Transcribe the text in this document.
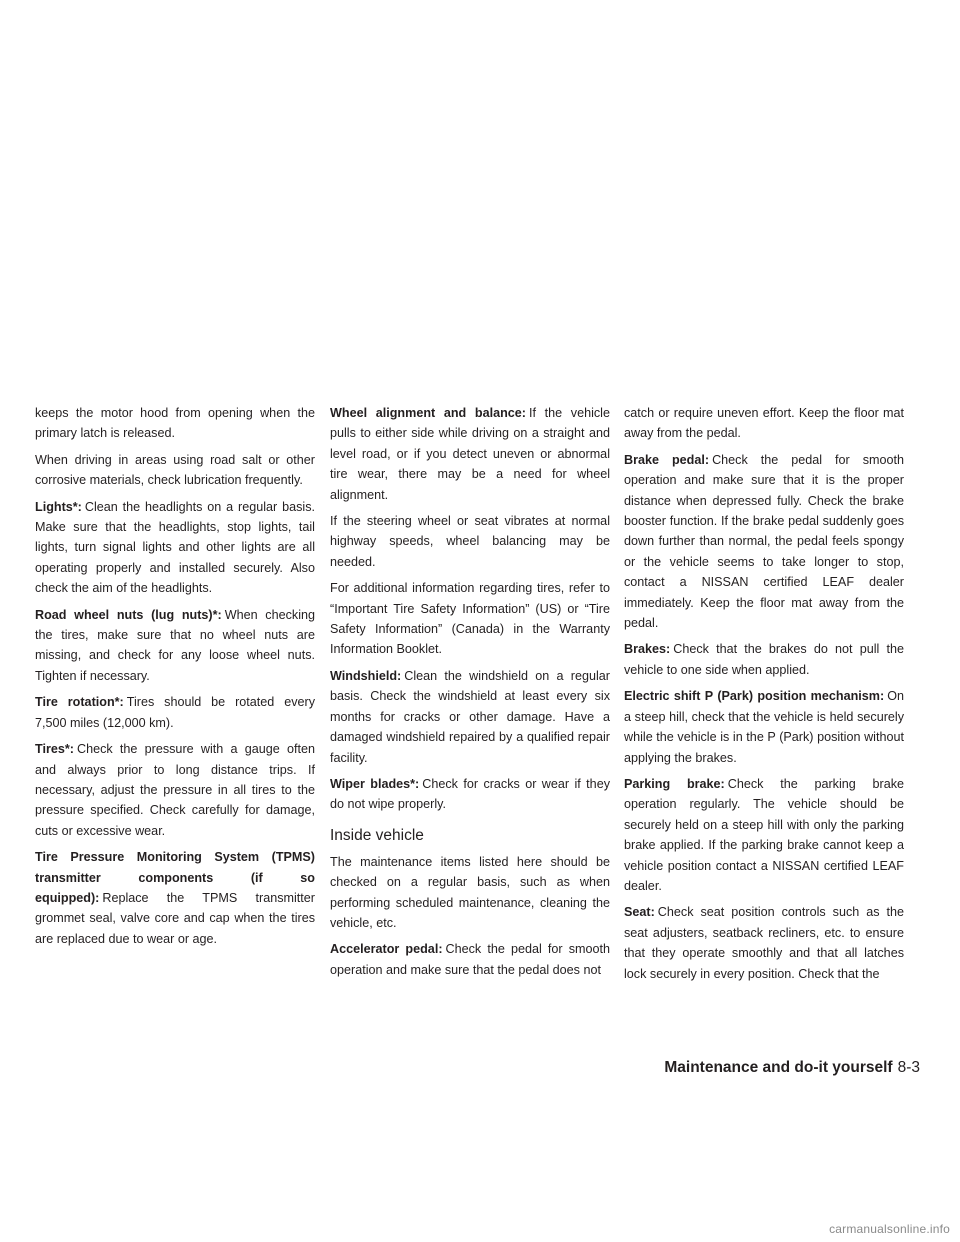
keeps the motor hood from opening when the primary latch is released.

When driving in areas using road salt or other corrosive materials, check lubrication frequently.

Lights*: Clean the headlights on a regular basis. Make sure that the headlights, stop lights, tail lights, turn signal lights and other lights are all operating properly and installed securely. Also check the aim of the headlights.

Road wheel nuts (lug nuts)*: When checking the tires, make sure that no wheel nuts are missing, and check for any loose wheel nuts. Tighten if necessary.

Tire rotation*: Tires should be rotated every 7,500 miles (12,000 km).

Tires*: Check the pressure with a gauge often and always prior to long distance trips. If necessary, adjust the pressure in all tires to the pressure specified. Check carefully for damage, cuts or excessive wear.

Tire Pressure Monitoring System (TPMS) transmitter components (if so equipped): Replace the TPMS transmitter grommet seal, valve core and cap when the tires are replaced due to wear or age.

Wheel alignment and balance: If the vehicle pulls to either side while driving on a straight and level road, or if you detect uneven or abnormal tire wear, there may be a need for wheel alignment.

If the steering wheel or seat vibrates at normal highway speeds, wheel balancing may be needed.

For additional information regarding tires, refer to “Important Tire Safety Information” (US) or “Tire Safety Information” (Canada) in the Warranty Information Booklet.

Windshield: Clean the windshield on a regular basis. Check the windshield at least every six months for cracks or other damage. Have a damaged windshield repaired by a qualified repair facility.

Wiper blades*: Check for cracks or wear if they do not wipe properly.

Inside vehicle

The maintenance items listed here should be checked on a regular basis, such as when performing scheduled maintenance, cleaning the vehicle, etc.

Accelerator pedal: Check the pedal for smooth operation and make sure that the pedal does not

catch or require uneven effort. Keep the floor mat away from the pedal.

Brake pedal: Check the pedal for smooth operation and make sure that it is the proper distance when depressed fully. Check the brake booster function. If the brake pedal suddenly goes down further than normal, the pedal feels spongy or the vehicle seems to take longer to stop, contact a NISSAN certified LEAF dealer immediately. Keep the floor mat away from the pedal.

Brakes: Check that the brakes do not pull the vehicle to one side when applied.

Electric shift P (Park) position mechanism: On a steep hill, check that the vehicle is held securely while the vehicle is in the P (Park) position without applying the brakes.

Parking brake: Check the parking brake operation regularly. The vehicle should be securely held on a steep hill with only the parking brake applied. If the parking brake cannot keep a vehicle position contact a NISSAN certified LEAF dealer.

Seat: Check seat position controls such as the seat adjusters, seatback recliners, etc. to ensure that they operate smoothly and that all latches lock securely in every position. Check that the

Maintenance and do-it yourself 8-3
carmanualsonline.info
